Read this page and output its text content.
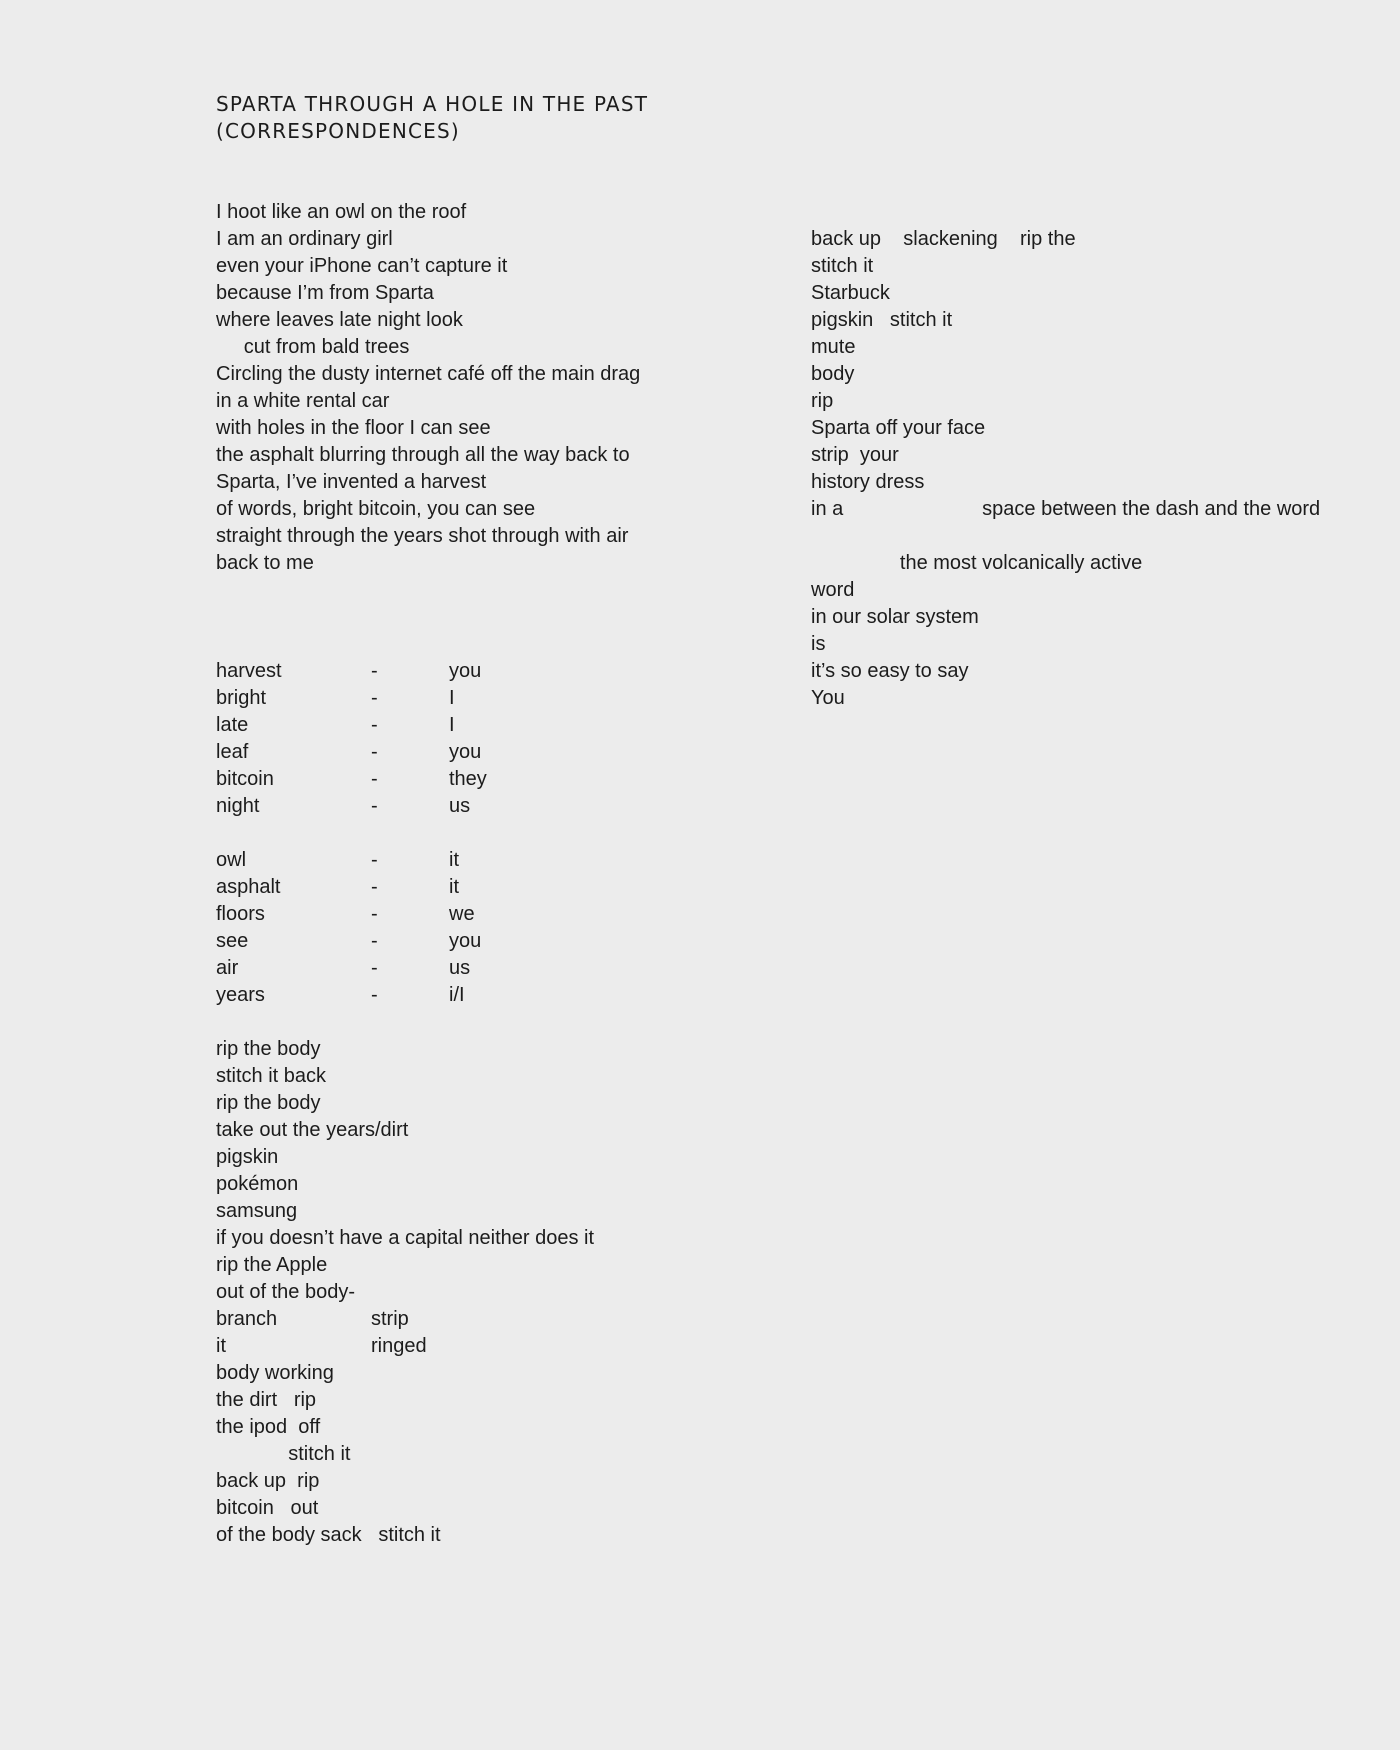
SPARTA THROUGH A HOLE IN THE PAST
(CORRESPONDENCES)
I hoot like an owl on the roof
I am an ordinary girl
even your iPhone can’t capture it
because I’m from Sparta
where leaves late night look
cut from bald trees
Circling the dusty internet café off the main drag
in a white rental car
with holes in the floor I can see
the asphalt blurring through all the way back to
Sparta, I’ve invented a harvest
of words, bright bitcoin, you can see
straight through the years shot through with air
back to me
harvest	-	you
bright	-	I
late	-	I
leaf	-	you
bitcoin	-	they
night	-	us
owl	-	it
asphalt	-	it
floors	-	we
see	-	you
air	-	us
years	-	i/I
rip the body
stitch it back
rip the body
take out the years/dirt
pigskin
pokémon
samsung
if you doesn’t have a capital neither does it
rip the Apple
out of the body-
branch	strip
it	ringed
body working
the dirt   rip
the ipod  off
stitch it
back up  rip
bitcoin   out
of the body sack   stitch it
back up    slackening    rip the
stitch it
Starbuck
pigskin   stitch it
mute
body
rip
Sparta off your face
strip  your
history dress
in a                         space between the dash and the word
the most volcanically active
word
in our solar system
is
it’s so easy to say
You
